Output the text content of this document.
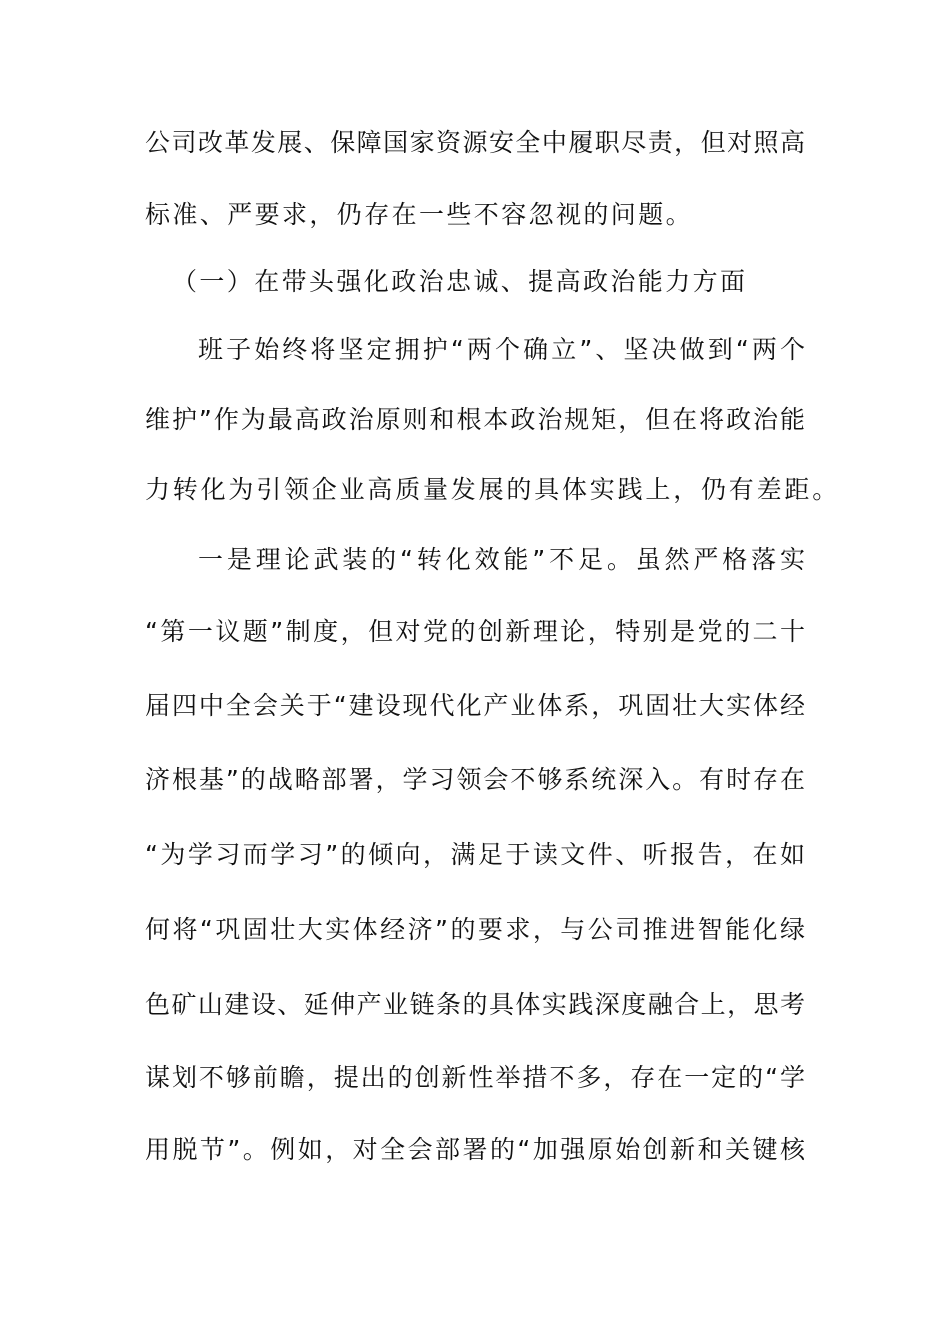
公司改革发展、保障国家资源安全中履职尽责，但对照高
标准、严要求，仍存在一些不容忽视的问题。
（一）在带头强化政治忠诚、提高政治能力方面
班子始终将坚定拥护“两个确立”、坚决做到“两个
维护”作为最高政治原则和根本政治规矩，但在将政治能
力转化为引领企业高质量发展的具体实践上，仍有差距。
一是理论武装的“转化效能”不足。虽然严格落实
“第一议题”制度，但对党的创新理论，特别是党的二十
届四中全会关于“建设现代化产业体系，巩固壮大实体经
济根基”的战略部署，学习领会不够系统深入。有时存在
“为学习而学习”的倾向，满足于读文件、听报告，在如
何将“巩固壮大实体经济”的要求，与公司推进智能化绿
色矿山建设、延伸产业链条的具体实践深度融合上，思考
谋划不够前瞻，提出的创新性举措不多，存在一定的“学
用脱节”。例如，对全会部署的“加强原始创新和关键核
